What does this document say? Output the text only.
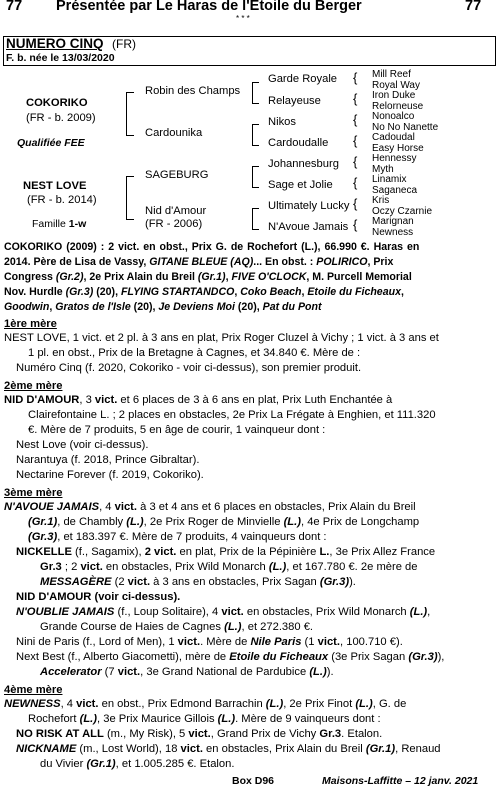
77 Présentée par Le Haras de l'Etoile du Berger	77
* * *
NUMERO CINQ (FR)
F. b. née le 13/03/2020
COKORIKO
(FR - b. 2009)
Qualifiée FEE
NEST LOVE
(FR - b. 2014)
Famille 1-w
Robin des Champs
Cardounika
SAGEBURG
Nid d'Amour
(FR - 2006)
Garde Royale
Relayeuse
Nikos
Cardoudalle
Johannesburg
Sage et Jolie
Ultimately Lucky
N'Avoue Jamais
{
{
{
{
{
{
{
{
Mill Reef
Royal Way
Iron Duke
Relorneuse
Nonoalco
No No Nanette
Cadoudal
Easy Horse
Hennessy
Myth
Linamix
Saganeca
Kris
Oczy Czarnie
Marignan
Newness
COKORIKO (2009) : 2 vict. en obst., Prix G. de Rochefort (L.), 66.990 €. Haras en
2014. Père de Lisa de Vassy, GITANE BLEUE (AQ)... En obst. : POLIRICO, Prix
Congress (Gr.2), 2e Prix Alain du Breil (Gr.1), FIVE O'CLOCK, M. Purcell Memorial
Nov. Hurdle (Gr.3) (20), FLYING STARTANDCO, Coko Beach, Etoile du Ficheaux,
Goodwin, Gratos de l'Isle (20), Je Deviens Moi (20), Pat du Pont
1ère mère
NEST LOVE, 1 vict. et 2 pl. à 3 ans en plat, Prix Roger Cluzel à Vichy ; 1 vict. à 3 ans et
1 pl. en obst., Prix de la Bretagne à Cagnes, et 34.840 €. Mère de :
Numéro Cinq (f. 2020, Cokoriko - voir ci-dessus), son premier produit.
2ème mère
NID D'AMOUR, 3 vict. et 6 places de 3 à 6 ans en plat, Prix Luth Enchantée à
Clairefontaine L. ; 2 places en obstacles, 2e Prix La Frégate à Enghien, et 111.320
€. Mère de 7 produits, 5 en âge de courir, 1 vainqueur dont :
Nest Love (voir ci-dessus).
Narantuya (f. 2018, Prince Gibraltar).
Nectarine Forever (f. 2019, Cokoriko).
3ème mère
N'AVOUE JAMAIS, 4 vict. à 3 et 4 ans et 6 places en obstacles, Prix Alain du Breil
(Gr.1), de Chambly (L.), 2e Prix Roger de Minvielle (L.), 4e Prix de Longchamp
(Gr.3), et 183.397 €. Mère de 7 produits, 4 vainqueurs dont :
NICKELLE (f., Sagamix), 2 vict. en plat, Prix de la Pépinière L., 3e Prix Allez France
Gr.3 ; 2 vict. en obstacles, Prix Wild Monarch (L.), et 167.780 €. 2e mère de
MESSAGÈRE (2 vict. à 3 ans en obstacles, Prix Sagan (Gr.3)).
NID D'AMOUR (voir ci-dessus).
N'OUBLIE JAMAIS (f., Loup Solitaire), 4 vict. en obstacles, Prix Wild Monarch (L.),
Grande Course de Haies de Cagnes (L.), et 272.380 €.
Nini de Paris (f., Lord of Men), 1 vict.. Mère de Nile Paris (1 vict., 100.710 €).
Next Best (f., Alberto Giacometti), mère de Etoile du Ficheaux (3e Prix Sagan (Gr.3)),
Accelerator (7 vict., 3e Grand National de Pardubice (L.)).
4ème mère
NEWNESS, 4 vict. en obst., Prix Edmond Barrachin (L.), 2e Prix Finot (L.), G. de
Rochefort (L.), 3e Prix Maurice Gillois (L.). Mère de 9 vainqueurs dont :
NO RISK AT ALL (m., My Risk), 5 vict., Grand Prix de Vichy Gr.3. Etalon.
NICKNAME (m., Lost World), 18 vict. en obstacles, Prix Alain du Breil (Gr.1), Renaud
du Vivier (Gr.1), et 1.005.285 €. Etalon.
Box D96	Maisons-Laffitte – 12 janv. 2021
